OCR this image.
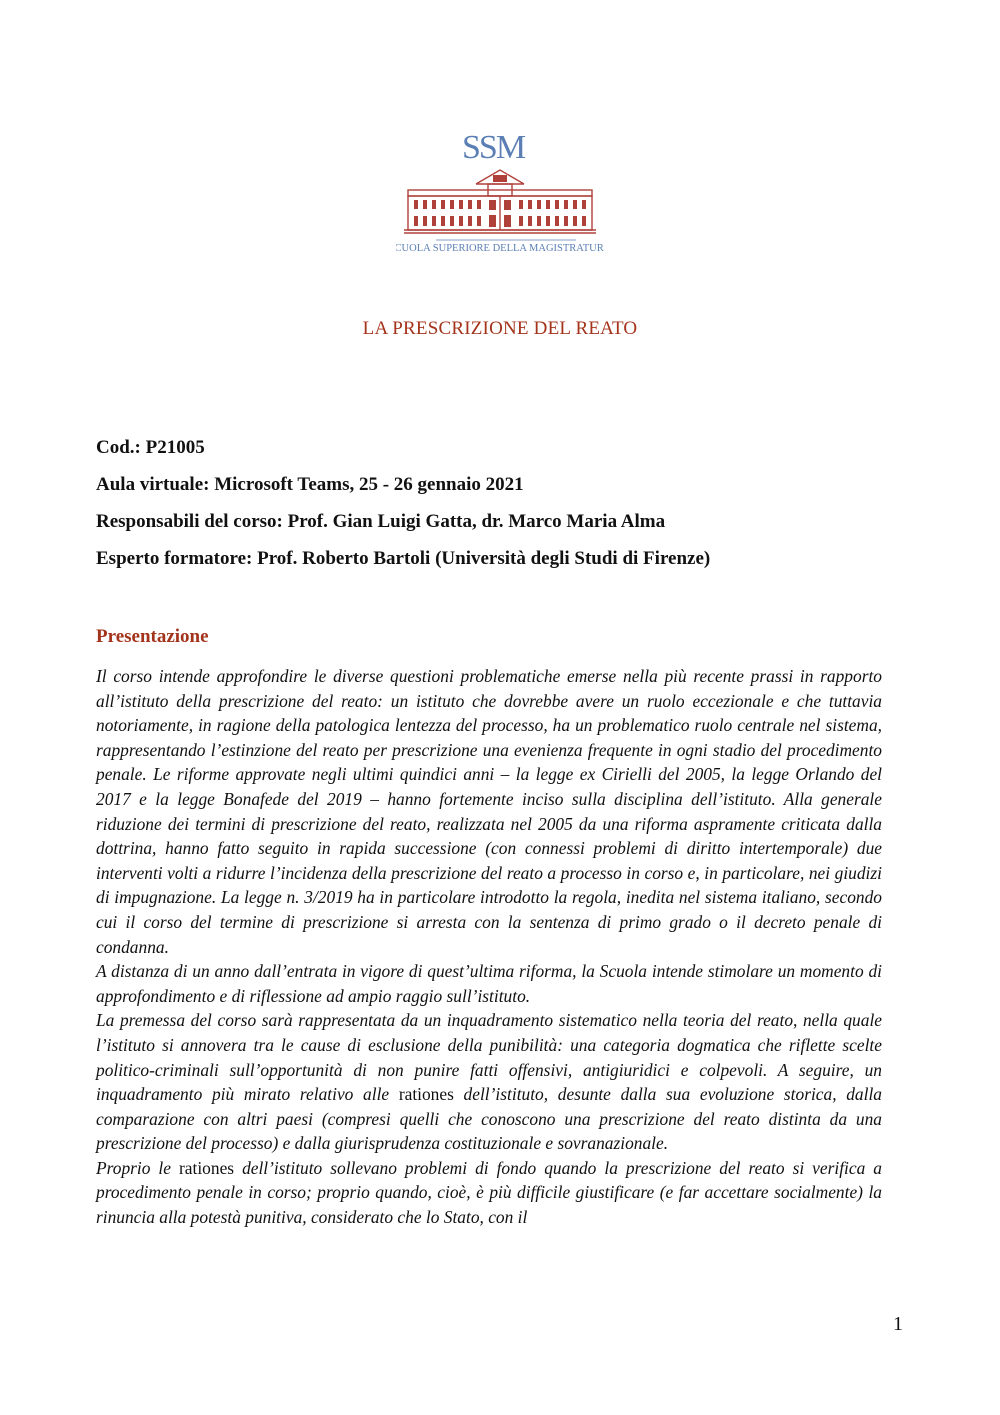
SSM
SCUOLA SUPERIORE DELLA MAGISTRATURA
LA PRESCRIZIONE DEL REATO
Cod.: P21005
Aula virtuale: Microsoft Teams, 25 - 26 gennaio 2021
Responsabili del corso: Prof. Gian Luigi Gatta, dr. Marco Maria Alma
Esperto formatore: Prof. Roberto Bartoli (Università degli Studi di Firenze)
Presentazione

Il corso intende approfondire le diverse questioni problematiche emerse nella più recente prassi in rapporto all’istituto della prescrizione del reato: un istituto che dovrebbe avere un ruolo eccezionale e che tuttavia notoriamente, in ragione della patologica lentezza del processo, ha un problematico ruolo centrale nel sistema, rappresentando l’estinzione del reato per prescrizione una evenienza frequente in ogni stadio del procedimento penale. Le riforme approvate negli ultimi quindici anni – la legge ex Cirielli del 2005, la legge Orlando del 2017 e la legge Bonafede del 2019 – hanno fortemente inciso sulla disciplina dell’istituto. Alla generale riduzione dei termini di prescrizione del reato, realizzata nel 2005 da una riforma aspramente criticata dalla dottrina, hanno fatto seguito in rapida successione (con connessi problemi di diritto intertemporale) due interventi volti a ridurre l’incidenza della prescrizione del reato a processo in corso e, in particolare, nei giudizi di impugnazione. La legge n. 3/2019 ha in particolare introdotto la regola, inedita nel sistema italiano, secondo cui il corso del termine di prescrizione si arresta con la sentenza di primo grado o il decreto penale di condanna.

A distanza di un anno dall’entrata in vigore di quest’ultima riforma, la Scuola intende stimolare un momento di approfondimento e di riflessione ad ampio raggio sull’istituto.

La premessa del corso sarà rappresentata da un inquadramento sistematico nella teoria del reato, nella quale l’istituto si annovera tra le cause di esclusione della punibilità: una categoria dogmatica che riflette scelte politico-criminali sull’opportunità di non punire fatti offensivi, antigiuridici e colpevoli. A seguire, un inquadramento più mirato relativo alle rationes dell’istituto, desunte dalla sua evoluzione storica, dalla comparazione con altri paesi (compresi quelli che conoscono una prescrizione del reato distinta da una prescrizione del processo) e dalla giurisprudenza costituzionale e sovranazionale.

Proprio le rationes dell’istituto sollevano problemi di fondo quando la prescrizione del reato si verifica a procedimento penale in corso; proprio quando, cioè, è più difficile giustificare (e far accettare socialmente) la rinuncia alla potestà punitiva, considerato che lo Stato, con il

1
